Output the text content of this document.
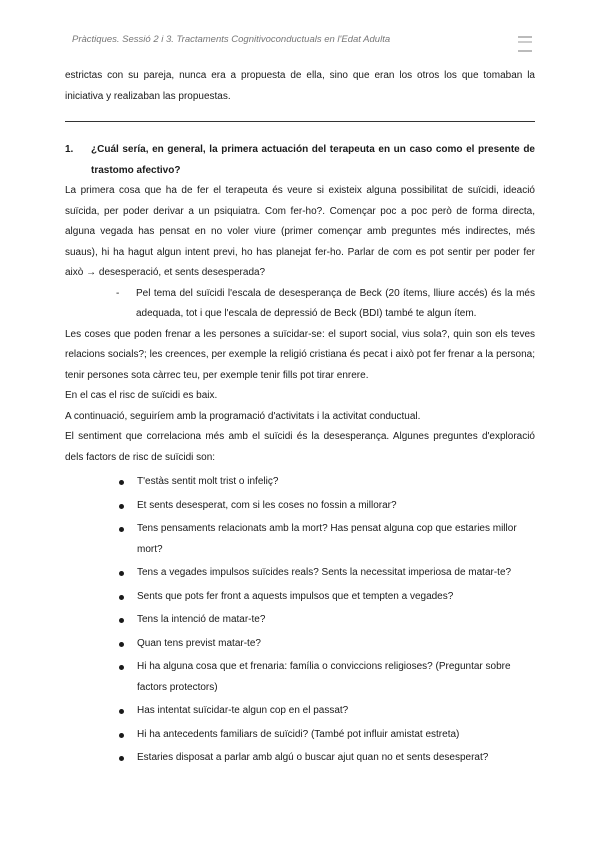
Pràctiques. Sessió 2 i 3. Tractaments Cognitivoconductuals en l'Edat Adulta

estrictas con su pareja, nunca era a propuesta de ella, sino que eran los otros los que tomaban la iniciativa y realizaban las propuestas.

1.	¿Cuál sería, en general, la primera actuación del terapeuta en un caso como el presente de trastomo afectivo?

La primera cosa que ha de fer el terapeuta és veure si existeix alguna possibilitat de suïcidi, ideació suïcida, per poder derivar a un psiquiatra. Com fer-ho?. Començar poc a poc però de forma directa, alguna vegada has pensat en no voler viure (primer començar amb preguntes més indirectes, més suaus), hi ha hagut algun intent previ, ho has planejat fer-ho. Parlar de com es pot sentir per poder fer això → desesperació, et sents desesperada?

-	Pel tema del suïcidi l'escala de desesperança de Beck (20 ítems, lliure accés) és la més adequada, tot i que l'escala de depressió de Beck (BDI) també te algun ítem.

Les coses que poden frenar a les persones a suïcidar-se: el suport social, vius sola?, quin son els teves relacions socials?; les creences, per exemple la religió cristiana és pecat i això pot fer frenar a la persona; tenir persones sota càrrec teu, per exemple tenir fills pot tirar enrere.

En el cas el risc de suïcidi es baix.

A continuació, seguiríem amb la programació d'activitats i la activitat conductual.

El sentiment que correlaciona més amb el suïcidi és la desesperança. Algunes preguntes d'exploració dels factors de risc de suïcidi son:

T'estàs sentit molt trist o infeliç?
Et sents desesperat, com si les coses no fossin a millorar?
Tens pensaments relacionats amb la mort? Has pensat alguna cop que estaries millor mort?
Tens a vegades impulsos suïcides reals? Sents la necessitat imperiosa de matar-te?
Sents que pots fer front a aquests impulsos que et tempten a vegades?
Tens la intenció de matar-te?
Quan tens previst matar-te?
Hi ha alguna cosa que et frenaria: família o conviccions religioses? (Preguntar sobre factors protectors)
Has intentat suïcidar-te algun cop en el passat?
Hi ha antecedents familiars de suïcidi? (També pot influir amistat estreta)
Estaries disposat a parlar amb algú o buscar ajut quan no et sents desesperat?
